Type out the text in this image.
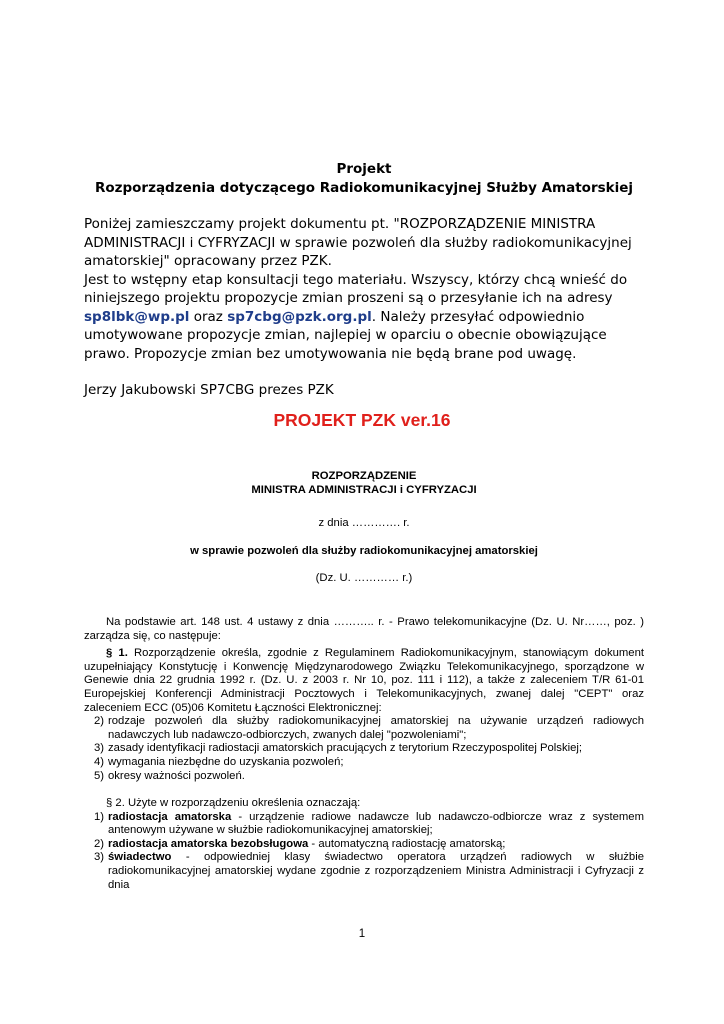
Projekt

Rozporządzenia dotyczącego Radiokomunikacyjnej Służby Amatorskiej

Poniżej zamieszczamy projekt dokumentu pt. "ROZPORZĄDZENIE MINISTRA ADMINISTRACJI i CYFRYZACJI w sprawie pozwoleń dla służby radiokomunikacyjnej amatorskiej" opracowany przez PZK.

Jest to wstępny etap konsultacji tego materiału. Wszyscy, którzy chcą wnieść do niniejszego projektu propozycje zmian proszeni są o przesyłanie ich na adresy
sp8lbk@wp.pl oraz sp7cbg@pzk.org.pl. Należy przesyłać odpowiednio umotywowane propozycje zmian, najlepiej w oparciu o obecnie obowiązujące prawo. Propozycje zmian bez umotywowania nie będą brane pod uwagę.

Jerzy Jakubowski SP7CBG prezes PZK

PROJEKT PZK ver.16

ROZPORZĄDZENIE

MINISTRA ADMINISTRACJI i CYFRYZACJI

z dnia …………. r.

w sprawie pozwoleń dla służby radiokomunikacyjnej amatorskiej

(Dz. U. ………… r.)

Na podstawie art. 148 ust. 4 ustawy z dnia ……….. r. - Prawo telekomunikacyjne (Dz. U. Nr……, poz. ) zarządza się, co następuje:

§ 1. Rozporządzenie określa, zgodnie z Regulaminem Radiokomunikacyjnym, stanowiącym dokument uzupełniający Konstytucję i Konwencję Międzynarodowego Związku Telekomunikacyjnego, sporządzone w Genewie dnia 22 grudnia 1992 r. (Dz. U. z 2003 r. Nr 10, poz. 111 i 112), a także z zaleceniem T/R 61-01 Europejskiej Konferencji Administracji Pocztowych i Telekomunikacyjnych, zwanej dalej "CEPT" oraz zaleceniem ECC (05)06 Komitetu Łączności Elektronicznej:

2) rodzaje pozwoleń dla służby radiokomunikacyjnej amatorskiej na używanie urządzeń radiowych nadawczych lub nadawczo-odbiorczych, zwanych dalej "pozwoleniami";
3) zasady identyfikacji radiostacji amatorskich pracujących z terytorium Rzeczypospolitej Polskiej;
4) wymagania niezbędne do uzyskania pozwoleń;
5) okresy ważności pozwoleń.

§ 2. Użyte w rozporządzeniu określenia oznaczają:

1) radiostacja amatorska - urządzenie radiowe nadawcze lub nadawczo-odbiorcze wraz z systemem antenowym używane w służbie radiokomunikacyjnej amatorskiej;
2) radiostacja amatorska bezobsługowa - automatyczną radiostację amatorską;
3) świadectwo - odpowiedniej klasy świadectwo operatora urządzeń radiowych w służbie radiokomunikacyjnej amatorskiej wydane zgodnie z rozporządzeniem Ministra Administracji i Cyfryzacji z dnia
1
